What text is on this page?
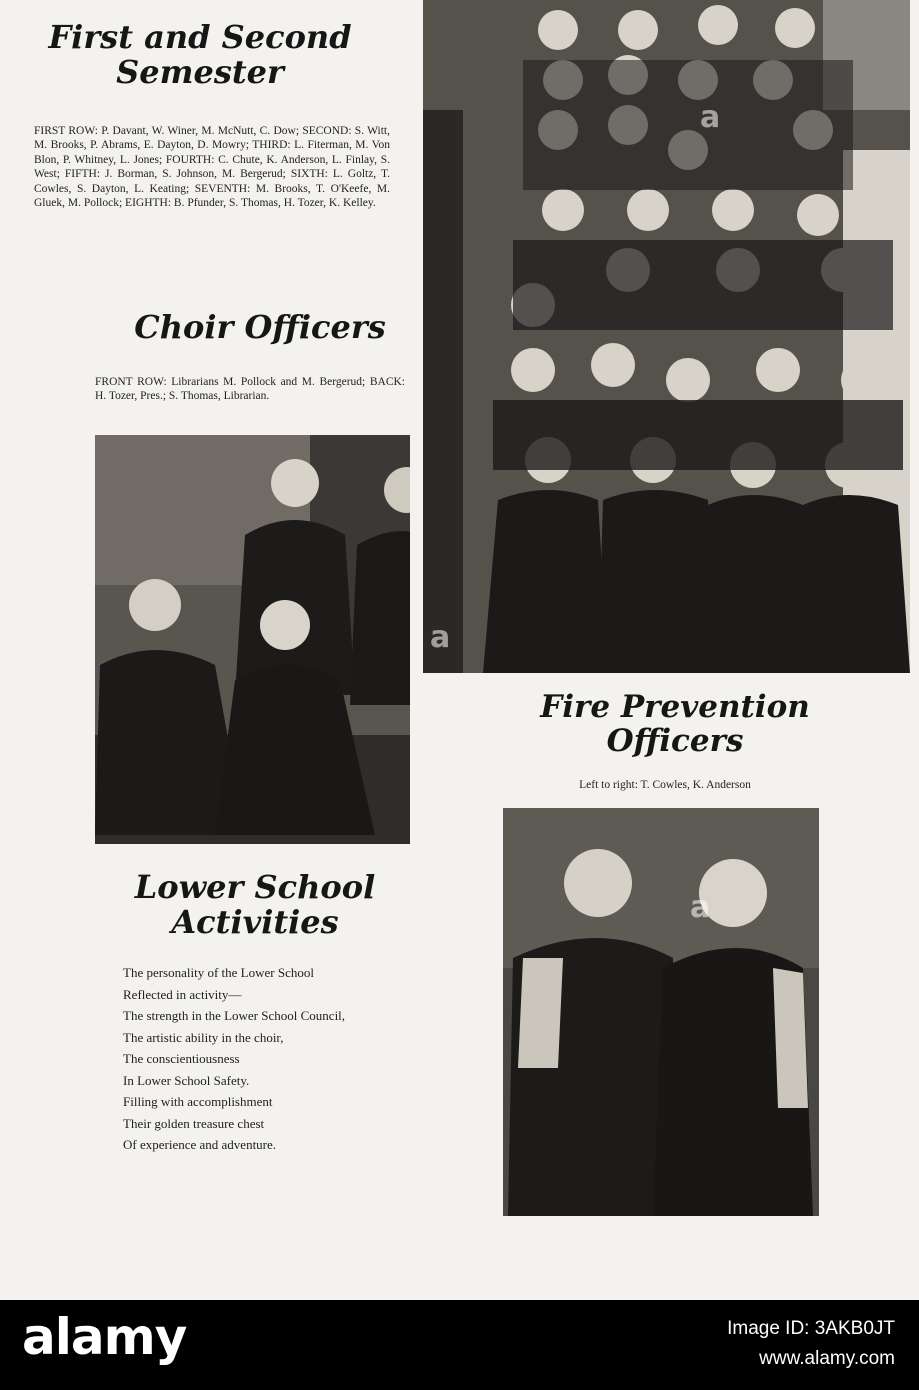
First and Second
Semester

FIRST ROW: P. Davant, W. Winer, M. McNutt, C. Dow; SECOND: S. Witt, M. Brooks, P. Abrams, E. Dayton, D. Mowry; THIRD: L. Fiterman, M. Von Blon, P. Whitney, L. Jones; FOURTH: C. Chute, K. Anderson, L. Finlay, S. West; FIFTH: J. Borman, S. Johnson, M. Bergerud; SIXTH: L. Goltz, T. Cowles, S. Dayton, L. Keating; SEVENTH: M. Brooks, T. O'Keefe, M. Gluek, M. Pollock; EIGHTH: B. Pfunder, S. Thomas, H. Tozer, K. Kelley.

Choir Officers

FRONT ROW: Librarians M. Pollock and M. Bergerud; BACK: H. Tozer, Pres.; S. Thomas, Librarian.

Fire Prevention Officers

Left to right: T. Cowles, K. Anderson

Lower School Activities
The personality of the Lower School
Reflected in activity—
The strength in the Lower School Council,
The artistic ability in the choir,
The conscientiousness
In Lower School Safety.
Filling with accomplishment
Their golden treasure chest
Of experience and adventure.
a
a
a
alamy	Image ID: 3AKB0JT
www.alamy.com
